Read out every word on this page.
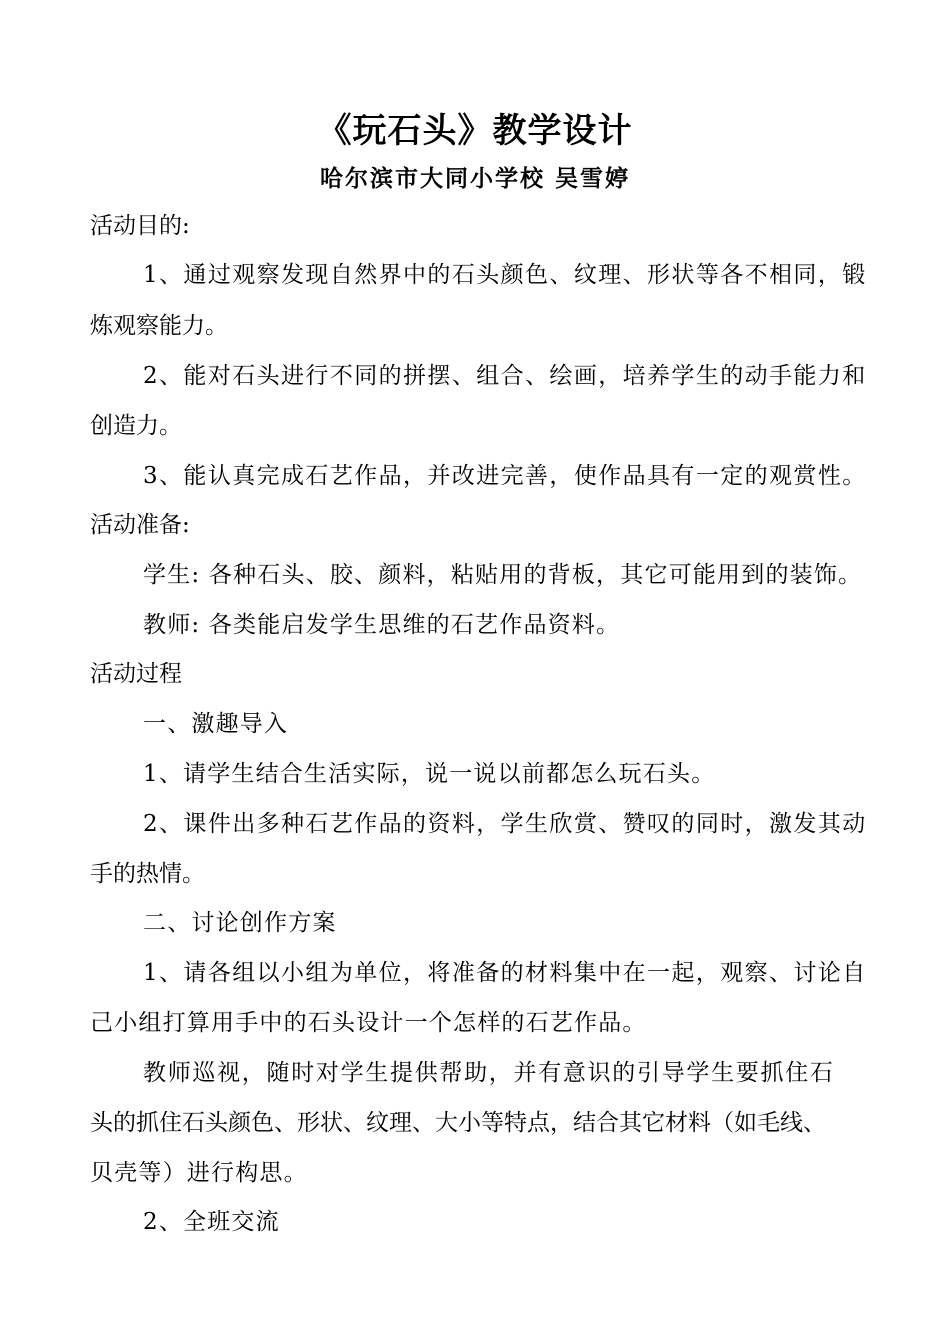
《玩石头》教学设计
哈尔滨市大同小学校 吴雪婷
活动目的:
1、通过观察发现自然界中的石头颜色、纹理、形状等各不相同，锻
炼观察能力。
2、能对石头进行不同的拼摆、组合、绘画，培养学生的动手能力和
创造力。
3、能认真完成石艺作品，并改进完善，使作品具有一定的观赏性。
活动准备:
学生: 各种石头、胶、颜料，粘贴用的背板，其它可能用到的装饰。
教师: 各类能启发学生思维的石艺作品资料。
活动过程
一、激趣导入
1、请学生结合生活实际，说一说以前都怎么玩石头。
2、课件出多种石艺作品的资料，学生欣赏、赞叹的同时，激发其动
手的热情。
二、讨论创作方案
1、请各组以小组为单位，将准备的材料集中在一起，观察、讨论自
己小组打算用手中的石头设计一个怎样的石艺作品。
教师巡视，随时对学生提供帮助，并有意识的引导学生要抓住石
头的抓住石头颜色、形状、纹理、大小等特点，结合其它材料（如毛线、
贝壳等）进行构思。
2、全班交流
